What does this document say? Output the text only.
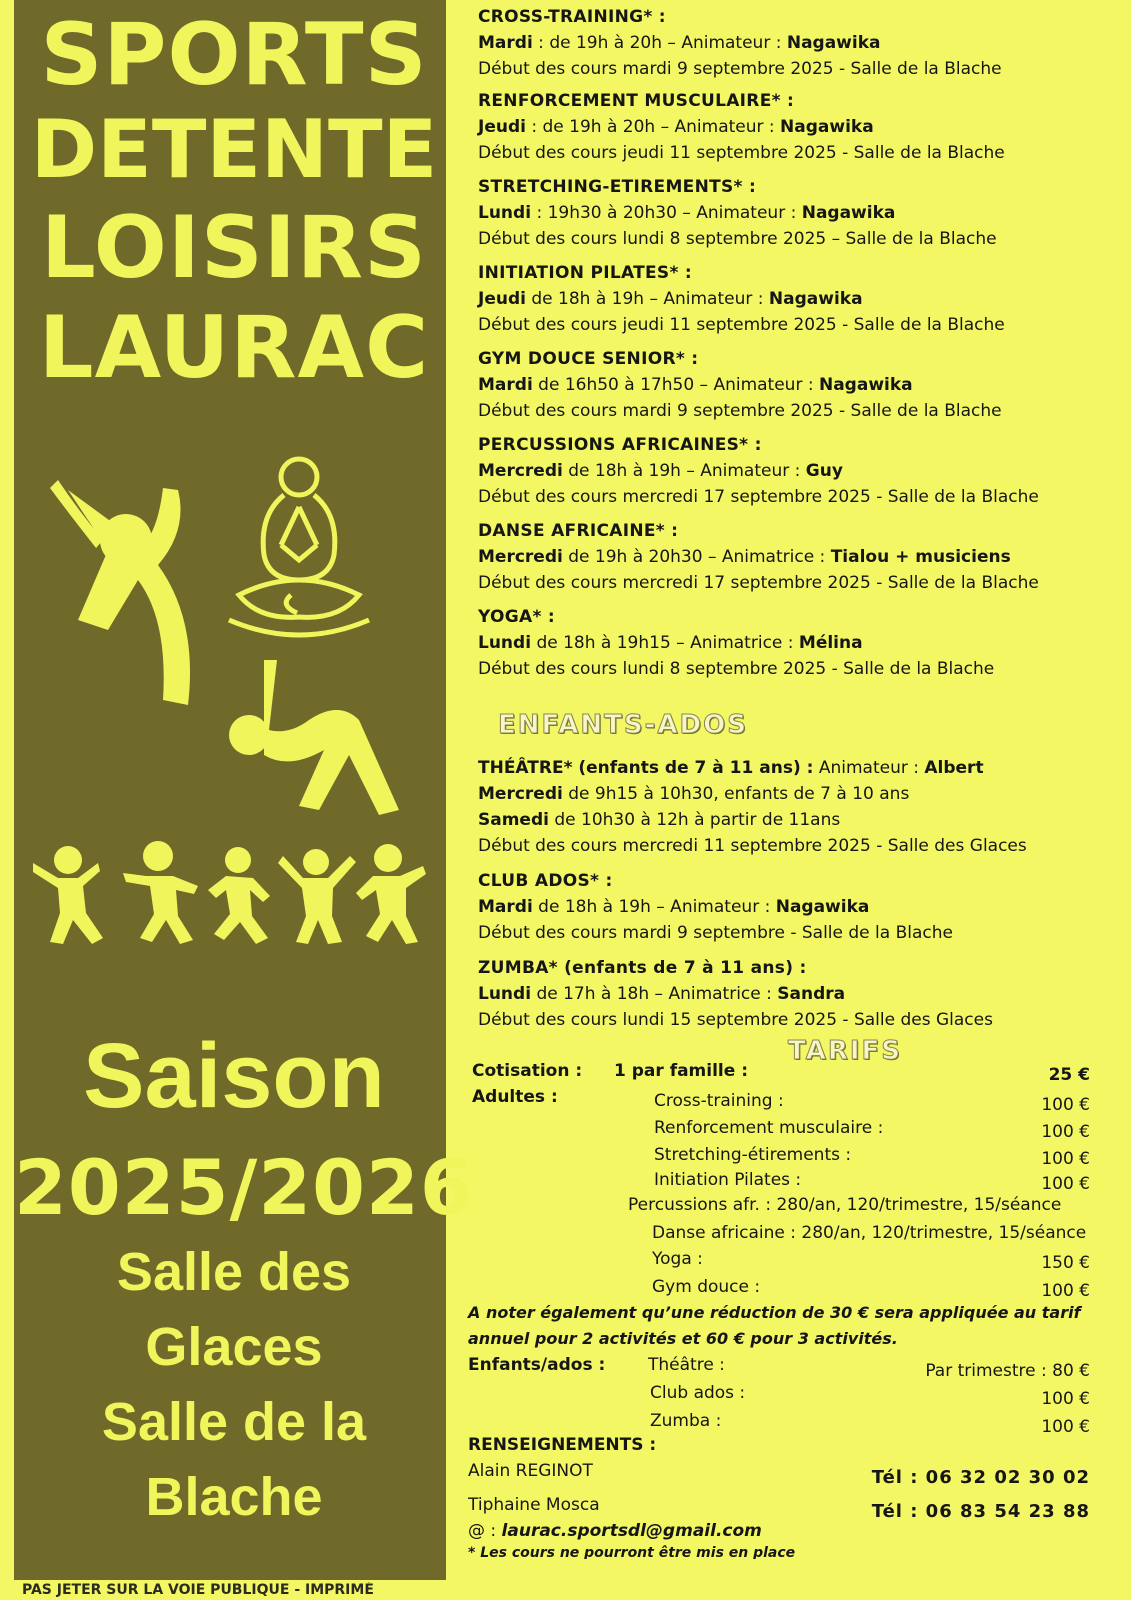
SPORTS
DETENTE
LOISIRS
LAURAC
Saison
2025/2026
Salle des
Glaces
Salle de la
Blache
CROSS-TRAINING* :
Mardi : de 19h à 20h – Animateur : Nagawika
Début des cours mardi 9 septembre 2025 - Salle de la Blache
RENFORCEMENT MUSCULAIRE* :
Jeudi : de 19h à 20h – Animateur : Nagawika
Début des cours jeudi 11 septembre 2025 - Salle de la Blache
STRETCHING-ETIREMENTS* :
Lundi : 19h30 à 20h30 – Animateur : Nagawika
Début des cours lundi 8 septembre 2025 – Salle de la Blache
INITIATION PILATES* :
Jeudi de 18h à 19h – Animateur : Nagawika
Début des cours jeudi 11 septembre 2025 - Salle de la Blache
GYM DOUCE SENIOR* :
Mardi de 16h50 à 17h50 – Animateur : Nagawika
Début des cours mardi 9 septembre 2025 - Salle de la Blache
PERCUSSIONS AFRICAINES* :
Mercredi de 18h à 19h – Animateur : Guy
Début des cours mercredi 17 septembre 2025 - Salle de la Blache
DANSE AFRICAINE* :
Mercredi de 19h à 20h30 – Animatrice : Tialou + musiciens
Début des cours mercredi 17 septembre 2025 - Salle de la Blache
YOGA* :
Lundi de 18h à 19h15 – Animatrice : Mélina
Début des cours lundi 8 septembre 2025 - Salle de la Blache
ENFANTS-ADOS
THÉÂTRE* (enfants de 7 à 11 ans) : Animateur : Albert
Mercredi de 9h15 à 10h30, enfants de 7 à 10 ans
Samedi de 10h30 à 12h à partir de 11ans
Début des cours mercredi 11 septembre 2025 - Salle des Glaces
CLUB ADOS* :
Mardi de 18h à 19h – Animateur : Nagawika
Début des cours mardi 9 septembre - Salle de la Blache
ZUMBA* (enfants de 7 à 11 ans) :
Lundi de 17h à 18h – Animatrice : Sandra
Début des cours lundi 15 septembre 2025 - Salle des Glaces
TARIFS
Cotisation : 1 par famille :	25 €
Adultes :	Cross-training :	100 €
Renforcement musculaire :	100 €
Stretching-étirements :	100 €
Initiation Pilates :	100 €
Percussions afr. : 280/an, 120/trimestre, 15/séance
Danse africaine : 280/an, 120/trimestre, 15/séance
Yoga :	150 €
Gym douce :	100 €
A noter également qu’une réduction de 30 € sera appliquée au tarif
annuel pour 2 activités et 60 € pour 3 activités.
Enfants/ados :	Théâtre :	Par trimestre : 80 €
Club ados :	100 €
Zumba :	100 €
RENSEIGNEMENTS :
Alain REGINOT	Tél : 06 32 02 30 02
Tiphaine Mosca	Tél : 06 83 54 23 88
@ : laurac.sportsdl@gmail.com
* Les cours ne pourront être mis en place
PAS JETER SUR LA VOIE PUBLIQUE - IMPRIMÉ
